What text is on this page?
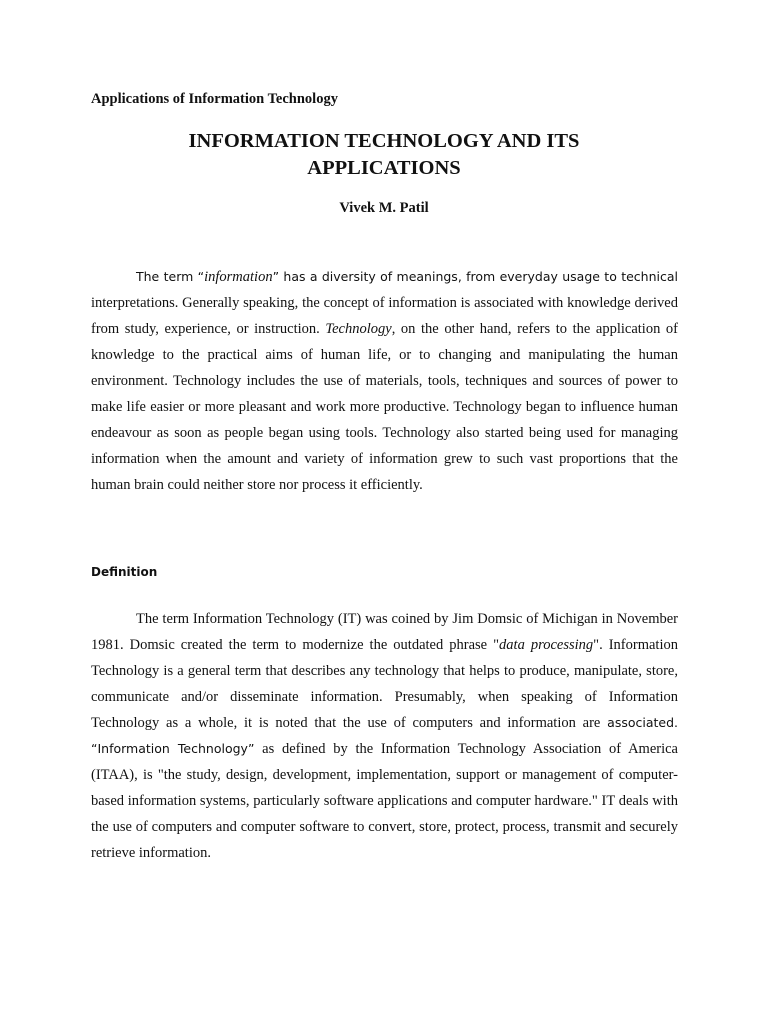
Applications of Information Technology
INFORMATION TECHNOLOGY AND ITS
APPLICATIONS
Vivek M. Patil

The term “information” has a diversity of meanings, from everyday usage to technical interpretations. Generally speaking, the concept of information is associated with knowledge derived from study, experience, or instruction. Technology, on the other hand, refers to the application of knowledge to the practical aims of human life, or to changing and manipulating the human environment. Technology includes the use of materials, tools, techniques and sources of power to make life easier or more pleasant and work more productive. Technology began to influence human endeavour as soon as people began using tools. Technology also started being used for managing information when the amount and variety of information grew to such vast proportions that the human brain could neither store nor process it efficiently.

Definition

The term Information Technology (IT) was coined by Jim Domsic of Michigan in November 1981. Domsic created the term to modernize the outdated phrase "data processing". Information Technology is a general term that describes any technology that helps to produce, manipulate, store, communicate and/or disseminate information. Presumably, when speaking of Information Technology as a whole, it is noted that the use of computers and information are associated. “Information Technology” as defined by the Information Technology Association of America (ITAA), is "the study, design, development, implementation, support or management of computer-based information systems, particularly software applications and computer hardware." IT deals with the use of computers and computer software to convert, store, protect, process, transmit and securely retrieve information.
